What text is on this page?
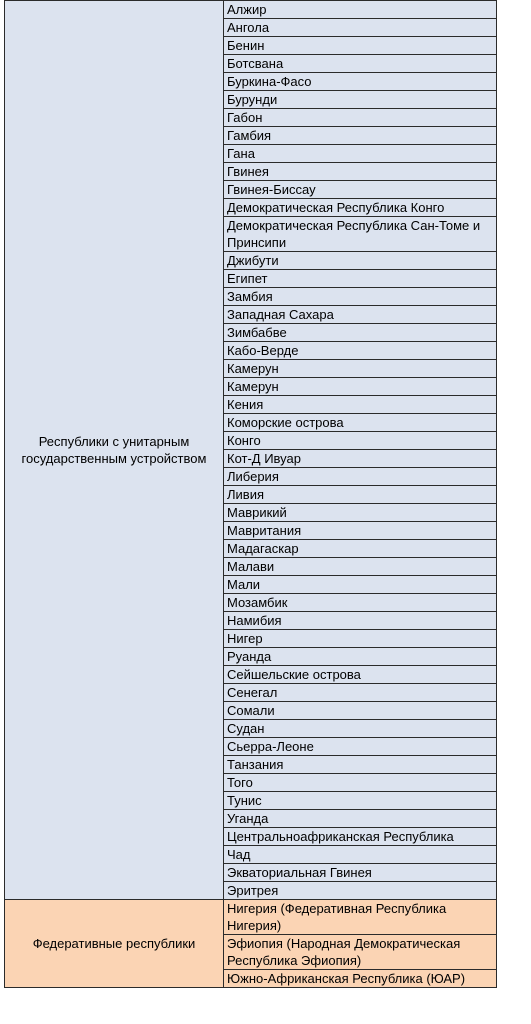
Республики с унитарным государственным устройством	Алжир

	Ангола

	Бенин

	Ботсвана

	Буркина-Фасо

	Бурунди

	Габон

	Гамбия

	Гана

	Гвинея

	Гвинея-Биссау

	Демократическая Республика Конго

	Демократическая Республика Сан-Томе и Принсипи

	Джибути

	Египет

	Замбия

	Западная Сахара

	Зимбабве

	Кабо-Верде

	Камерун

	Камерун

	Кения

	Коморские острова

	Конго

	Кот-Д Ивуар

	Либерия

	Ливия

	Маврикий

	Мавритания

	Мадагаскар

	Малави

	Мали

	Мозамбик

	Намибия

	Нигер

	Руанда

	Сейшельские острова

	Сенегал

	Сомали

	Судан

	Сьерра-Леоне

	Танзания

	Того

	Тунис

	Уганда

	Центральноафриканская Республика

	Чад

	Экваториальная Гвинея

	Эритрея

Федеративные республики	Нигерия (Федеративная Республика Нигерия)

	Эфиопия (Народная Демократическая Республика Эфиопия)

	Южно-Африканская Республика (ЮАР)
